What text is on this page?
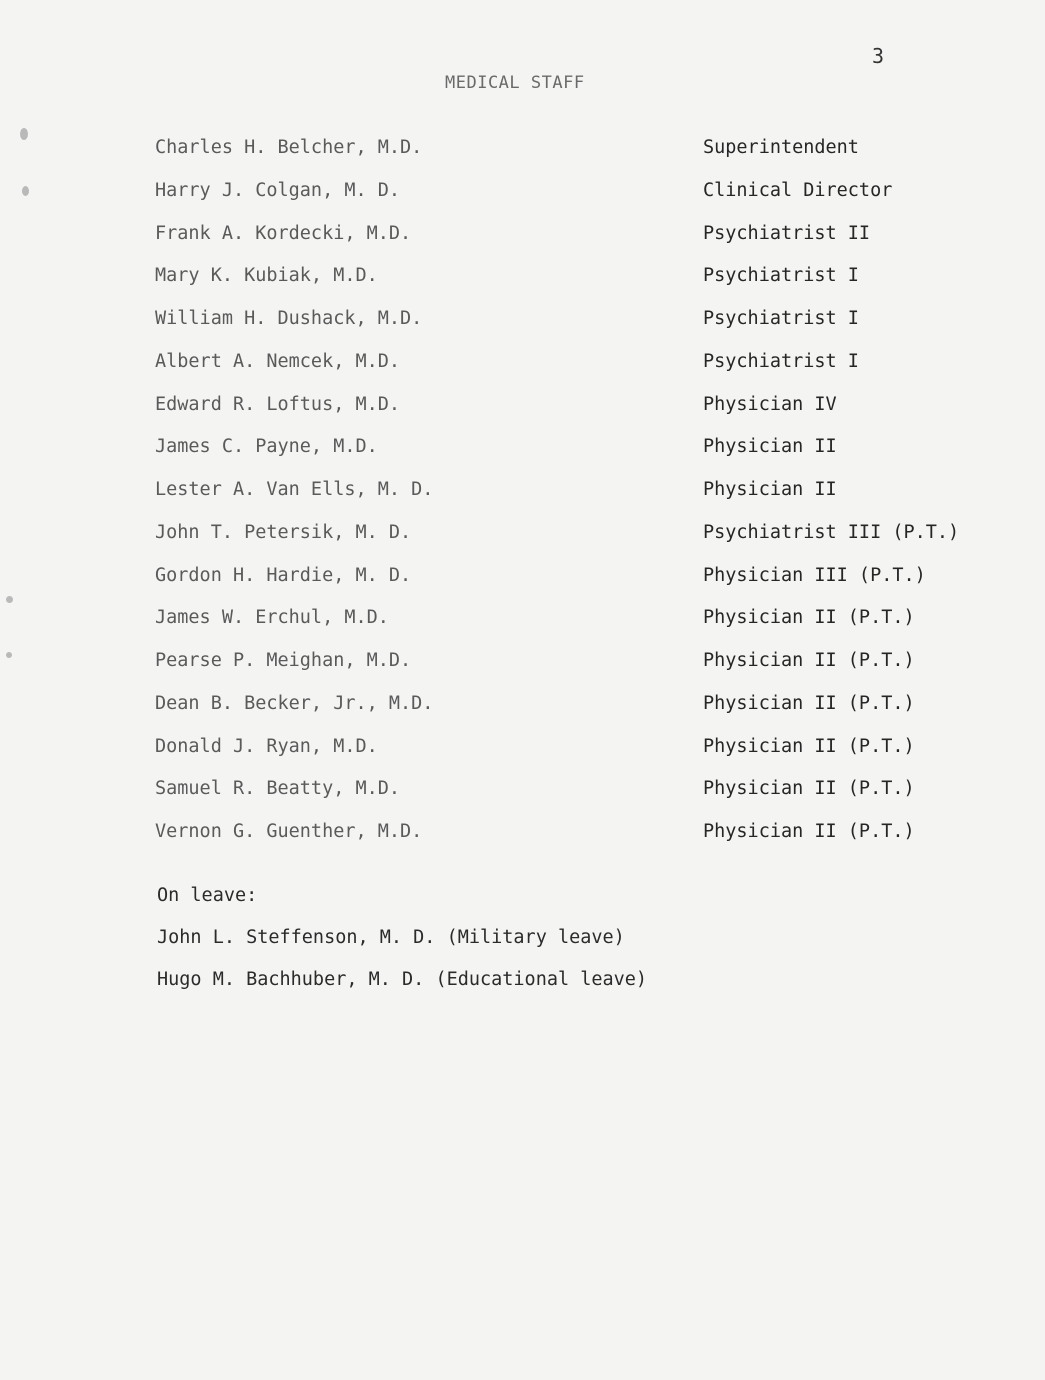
3
MEDICAL STAFF
Charles H. Belcher, M.D.	Superintendent
Harry J. Colgan, M. D.	Clinical Director
Frank A. Kordecki, M.D.	Psychiatrist II
Mary K. Kubiak, M.D.	Psychiatrist I
William H. Dushack, M.D.	Psychiatrist I
Albert A. Nemcek, M.D.	Psychiatrist I
Edward R. Loftus, M.D.	Physician IV
James C. Payne, M.D.	Physician II
Lester A. Van Ells, M. D.	Physician II
John T. Petersik, M. D.	Psychiatrist III (P.T.)
Gordon H. Hardie, M. D.	Physician III (P.T.)
James W. Erchul, M.D.	Physician II (P.T.)
Pearse P. Meighan, M.D.	Physician II (P.T.)
Dean B. Becker, Jr., M.D.	Physician II (P.T.)
Donald J. Ryan, M.D.	Physician II (P.T.)
Samuel R. Beatty, M.D.	Physician II (P.T.)
Vernon G. Guenther, M.D.	Physician II (P.T.)
On leave:
John L. Steffenson, M. D. (Military leave)
Hugo M. Bachhuber, M. D. (Educational leave)
